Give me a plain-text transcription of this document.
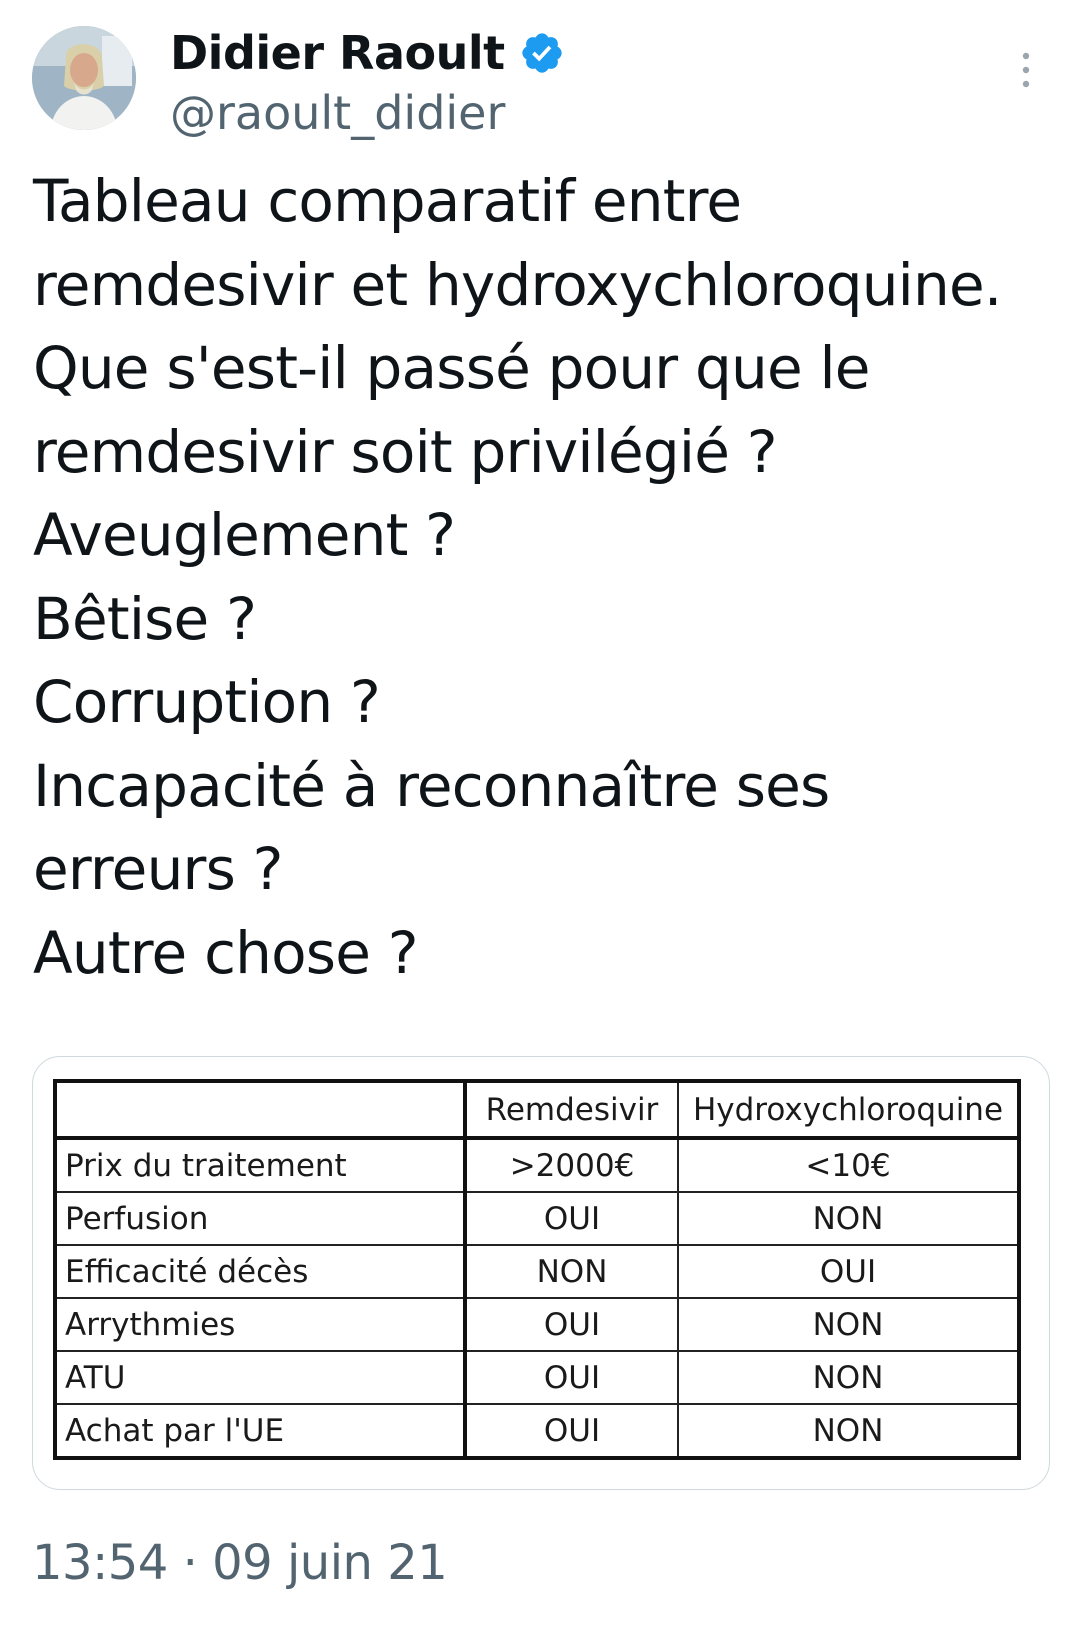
Didier Raoult
@raoult_didier
Tableau comparatif entre
remdesivir et hydroxychloroquine.
Que s'est-il passé pour que le
remdesivir soit privilégié ?
Aveuglement ?
Bêtise ?
Corruption ?
Incapacité à reconnaître ses
erreurs ?
Autre chose ?
	Remdesivir	Hydroxychloroquine
Prix du traitement	>2000€	<10€
Perfusion	OUI	NON
Efficacité décès	NON	OUI
Arrythmies	OUI	NON
ATU	OUI	NON
Achat par l'UE	OUI	NON
13:54 · 09 juin 21
